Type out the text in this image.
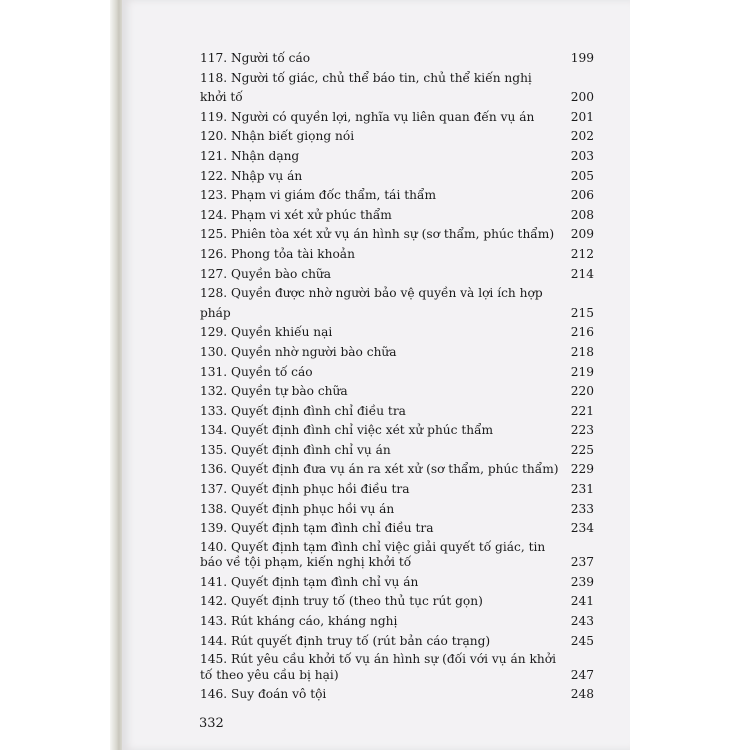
117. Người tố cáo	199
118. Người tố giác, chủ thể báo tin, chủ thể kiến nghị khởi tố	200
119. Người có quyền lợi, nghĩa vụ liên quan đến vụ án	201
120. Nhận biết giọng nói	202
121. Nhận dạng	203
122. Nhập vụ án	205
123. Phạm vi giám đốc thẩm, tái thẩm	206
124. Phạm vi xét xử phúc thẩm	208
125. Phiên tòa xét xử vụ án hình sự (sơ thẩm, phúc thẩm)	209
126. Phong tỏa tài khoản	212
127. Quyền bào chữa	214
128. Quyền được nhờ người bảo vệ quyền và lợi ích hợp pháp	215
129. Quyền khiếu nại	216
130. Quyền nhờ người bào chữa	218
131. Quyền tố cáo	219
132. Quyền tự bào chữa	220
133. Quyết định đình chỉ điều tra	221
134. Quyết định đình chỉ việc xét xử phúc thẩm	223
135. Quyết định đình chỉ vụ án	225
136. Quyết định đưa vụ án ra xét xử (sơ thẩm, phúc thẩm) 229
137. Quyết định phục hồi điều tra	231
138. Quyết định phục hồi vụ án	233
139. Quyết định tạm đình chỉ điều tra	234
140. Quyết định tạm đình chỉ việc giải quyết tố giác, tin báo về tội phạm, kiến nghị khởi tố	237
141. Quyết định tạm đình chỉ vụ án	239
142. Quyết định truy tố (theo thủ tục rút gọn)	241
143. Rút kháng cáo, kháng nghị	243
144. Rút quyết định truy tố (rút bản cáo trạng)	245
145. Rút yêu cầu khởi tố vụ án hình sự (đối với vụ án khởi tố theo yêu cầu bị hại)	247
146. Suy đoán vô tội	248
332
